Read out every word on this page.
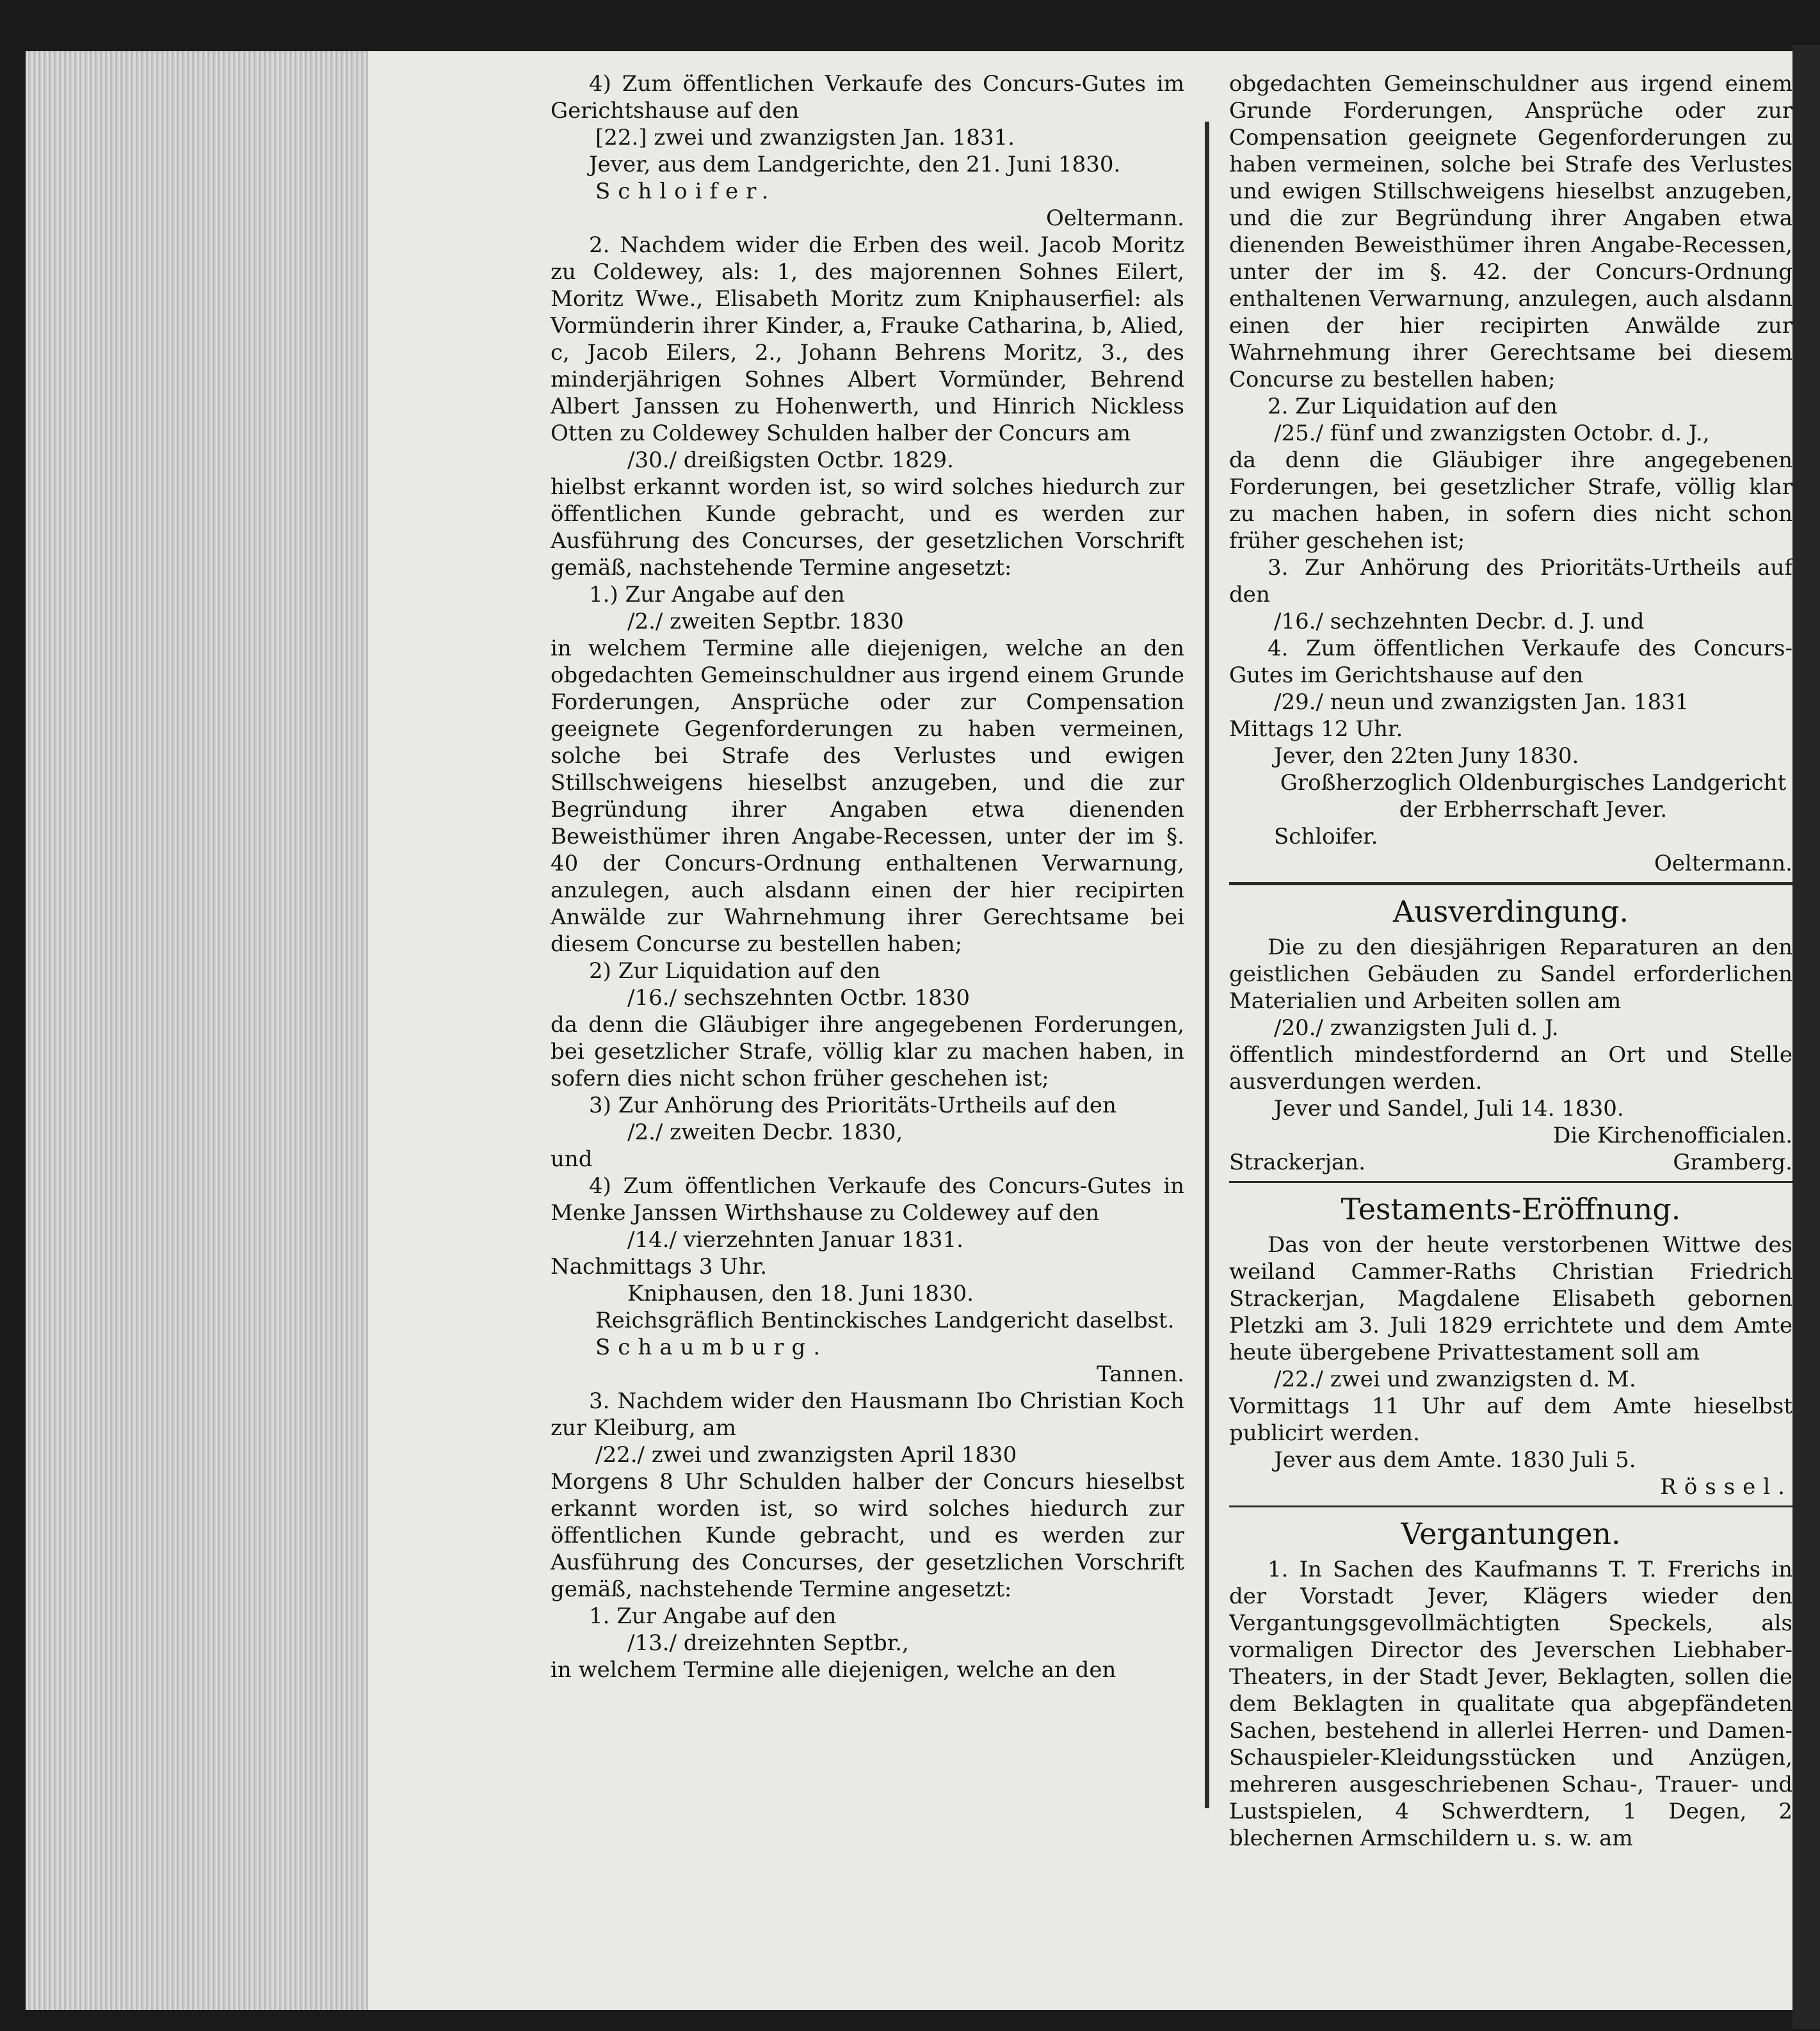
4) Zum öffentlichen Verkaufe des Concurs-Gutes im Gerichtshause auf den

[22.] zwei und zwanzigsten Jan. 1831.

Jever, aus dem Landgerichte, den 21. Juni 1830.

Schloifer.

Oeltermann.

2. Nachdem wider die Erben des weil. Jacob Moritz zu Coldewey, als: 1, des majorennen Sohnes Eilert, Moritz Wwe., Elisabeth Moritz zum Kniphauserfiel: als Vormünderin ihrer Kinder, a, Frauke Catharina, b, Alied, c, Jacob Eilers, 2., Johann Behrens Moritz, 3., des minderjährigen Sohnes Albert Vormünder, Behrend Albert Janssen zu Hohenwerth, und Hinrich Nickless Otten zu Coldewey Schulden halber der Concurs am

/30./ dreißigsten Octbr. 1829.

hielbst erkannt worden ist, so wird solches hiedurch zur öffentlichen Kunde gebracht, und es werden zur Ausführung des Concurses, der gesetzlichen Vorschrift gemäß, nachstehende Termine angesetzt:

1.) Zur Angabe auf den

/2./ zweiten Septbr. 1830

in welchem Termine alle diejenigen, welche an den obgedachten Gemeinschuldner aus irgend einem Grunde Forderungen, Ansprüche oder zur Compensation geeignete Gegenforderungen zu haben vermeinen, solche bei Strafe des Verlustes und ewigen Stillschweigens hieselbst anzugeben, und die zur Begründung ihrer Angaben etwa dienenden Beweisthümer ihren Angabe-Recessen, unter der im §. 40 der Concurs-Ordnung enthaltenen Verwarnung, anzulegen, auch alsdann einen der hier recipirten Anwälde zur Wahrnehmung ihrer Gerechtsame bei diesem Concurse zu bestellen haben;

2) Zur Liquidation auf den

/16./ sechszehnten Octbr. 1830

da denn die Gläubiger ihre angegebenen Forderungen, bei gesetzlicher Strafe, völlig klar zu machen haben, in sofern dies nicht schon früher geschehen ist;

3) Zur Anhörung des Prioritäts-Urtheils auf den

/2./ zweiten Decbr. 1830,

und

4) Zum öffentlichen Verkaufe des Concurs-Gutes in Menke Janssen Wirthshause zu Coldewey auf den

/14./ vierzehnten Januar 1831.

Nachmittags 3 Uhr.

Kniphausen, den 18. Juni 1830.

Reichsgräflich Bentinckisches Landgericht daselbst.

Schaumburg.

Tannen.

3. Nachdem wider den Hausmann Ibo Christian Koch zur Kleiburg, am

/22./ zwei und zwanzigsten April 1830

Morgens 8 Uhr Schulden halber der Concurs hieselbst erkannt worden ist, so wird solches hiedurch zur öffentlichen Kunde gebracht, und es werden zur Ausführung des Concurses, der gesetzlichen Vorschrift gemäß, nachstehende Termine angesetzt:

1. Zur Angabe auf den

/13./ dreizehnten Septbr.,

in welchem Termine alle diejenigen, welche an den

obgedachten Gemeinschuldner aus irgend einem Grunde Forderungen, Ansprüche oder zur Compensation geeignete Gegenforderungen zu haben vermeinen, solche bei Strafe des Verlustes und ewigen Stillschweigens hieselbst anzugeben, und die zur Begründung ihrer Angaben etwa dienenden Beweisthümer ihren Angabe-Recessen, unter der im §. 42. der Concurs-Ordnung enthaltenen Verwarnung, anzulegen, auch alsdann einen der hier recipirten Anwälde zur Wahrnehmung ihrer Gerechtsame bei diesem Concurse zu bestellen haben;

2. Zur Liquidation auf den

/25./ fünf und zwanzigsten Octobr. d. J.,

da denn die Gläubiger ihre angegebenen Forderungen, bei gesetzlicher Strafe, völlig klar zu machen haben, in sofern dies nicht schon früher geschehen ist;

3. Zur Anhörung des Prioritäts-Urtheils auf den

/16./ sechzehnten Decbr. d. J. und

4. Zum öffentlichen Verkaufe des Concurs-Gutes im Gerichtshause auf den

/29./ neun und zwanzigsten Jan. 1831

Mittags 12 Uhr.

Jever, den 22ten Juny 1830.

Großherzoglich Oldenburgisches Landgericht der Erbherrschaft Jever.

Schloifer.

Oeltermann.

Ausverdingung.

Die zu den diesjährigen Reparaturen an den geistlichen Gebäuden zu Sandel erforderlichen Materialien und Arbeiten sollen am

/20./ zwanzigsten Juli d. J.

öffentlich mindestfordernd an Ort und Stelle ausverdungen werden.

Jever und Sandel, Juli 14. 1830.

Die Kirchenofficialen.

Strackerjan.	Gramberg.

Testaments-Eröffnung.

Das von der heute verstorbenen Wittwe des weiland Cammer-Raths Christian Friedrich Strackerjan, Magdalene Elisabeth gebornen Pletzki am 3. Juli 1829 errichtete und dem Amte heute übergebene Privattestament soll am

/22./ zwei und zwanzigsten d. M.

Vormittags 11 Uhr auf dem Amte hieselbst publicirt werden.

Jever aus dem Amte. 1830 Juli 5.

Rössel.

Vergantungen.

1. In Sachen des Kaufmanns T. T. Frerichs in der Vorstadt Jever, Klägers wieder den Vergantungsgevollmächtigten Speckels, als vormaligen Director des Jeverschen Liebhaber-Theaters, in der Stadt Jever, Beklagten, sollen die dem Beklagten in qualitate qua abgepfändeten Sachen, bestehend in allerlei Herren- und Damen-Schauspieler-Kleidungsstücken und Anzügen, mehreren ausgeschriebenen Schau-, Trauer- und Lustspielen, 4 Schwerdtern, 1 Degen, 2 blechernen Armschildern u. s. w. am
